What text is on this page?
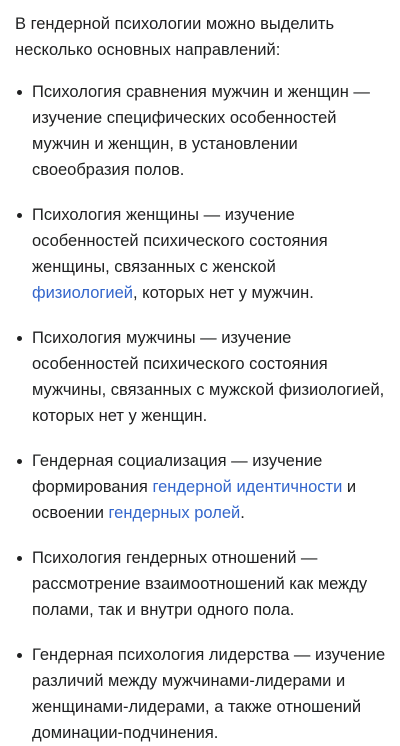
В гендерной психологии можно выделить несколько основных направлений:

Психология сравнения мужчин и женщин — изучение специфических особенностей мужчин и женщин, в установлении своеобразия полов.
Психология женщины — изучение особенностей психического состояния женщины, связанных с женской физиологией, которых нет у мужчин.
Психология мужчины — изучение особенностей психического состояния мужчины, связанных с мужской физиологией, которых нет у женщин.
Гендерная социализация — изучение формирования гендерной идентичности и освоении гендерных ролей.
Психология гендерных отношений — рассмотрение взаимоотношений как между полами, так и внутри одного пола.
Гендерная психология лидерства — изучение различий между мужчинами-лидерами и женщинами-лидерами, а также отношений доминации-подчинения.
